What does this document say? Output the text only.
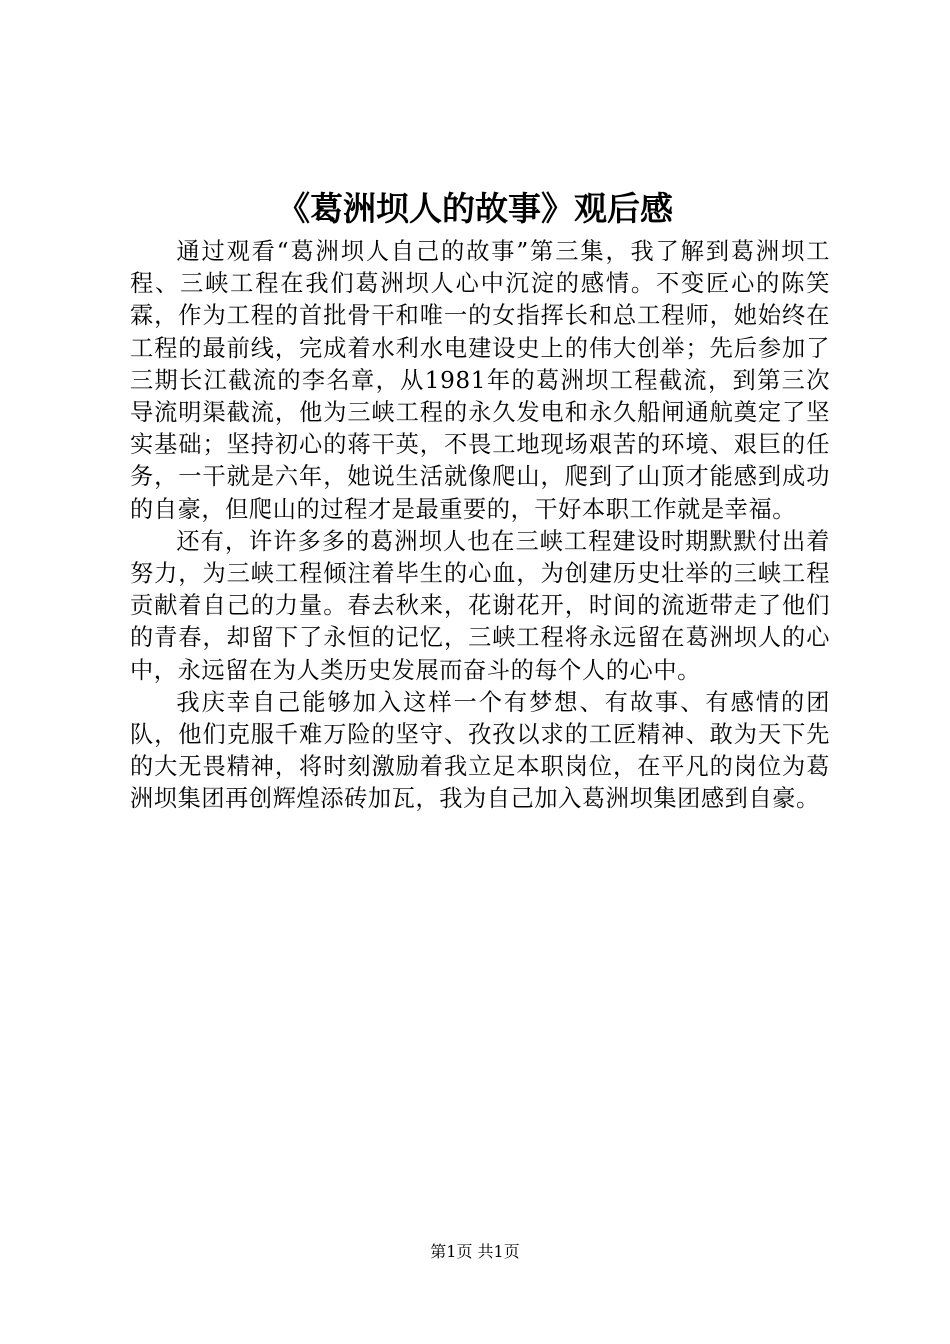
《葛洲坝人的故事》观后感

通过观看“葛洲坝人自己的故事”第三集，我了解到葛洲坝工程、三峡工程在我们葛洲坝人心中沉淀的感情。不变匠心的陈笑霖，作为工程的首批骨干和唯一的女指挥长和总工程师，她始终在工程的最前线，完成着水利水电建设史上的伟大创举；先后参加了三期长江截流的李名章，从1981年的葛洲坝工程截流，到第三次导流明渠截流，他为三峡工程的永久发电和永久船闸通航奠定了坚实基础；坚持初心的蒋干英，不畏工地现场艰苦的环境、艰巨的任务，一干就是六年，她说生活就像爬山，爬到了山顶才能感到成功的自豪，但爬山的过程才是最重要的，干好本职工作就是幸福。

还有，许许多多的葛洲坝人也在三峡工程建设时期默默付出着努力，为三峡工程倾注着毕生的心血，为创建历史壮举的三峡工程贡献着自己的力量。春去秋来，花谢花开，时间的流逝带走了他们的青春，却留下了永恒的记忆，三峡工程将永远留在葛洲坝人的心中，永远留在为人类历史发展而奋斗的每个人的心中。

我庆幸自己能够加入这样一个有梦想、有故事、有感情的团队，他们克服千难万险的坚守、孜孜以求的工匠精神、敢为天下先的大无畏精神，将时刻激励着我立足本职岗位，在平凡的岗位为葛洲坝集团再创辉煌添砖加瓦，我为自己加入葛洲坝集团感到自豪。

第1页 共1页
